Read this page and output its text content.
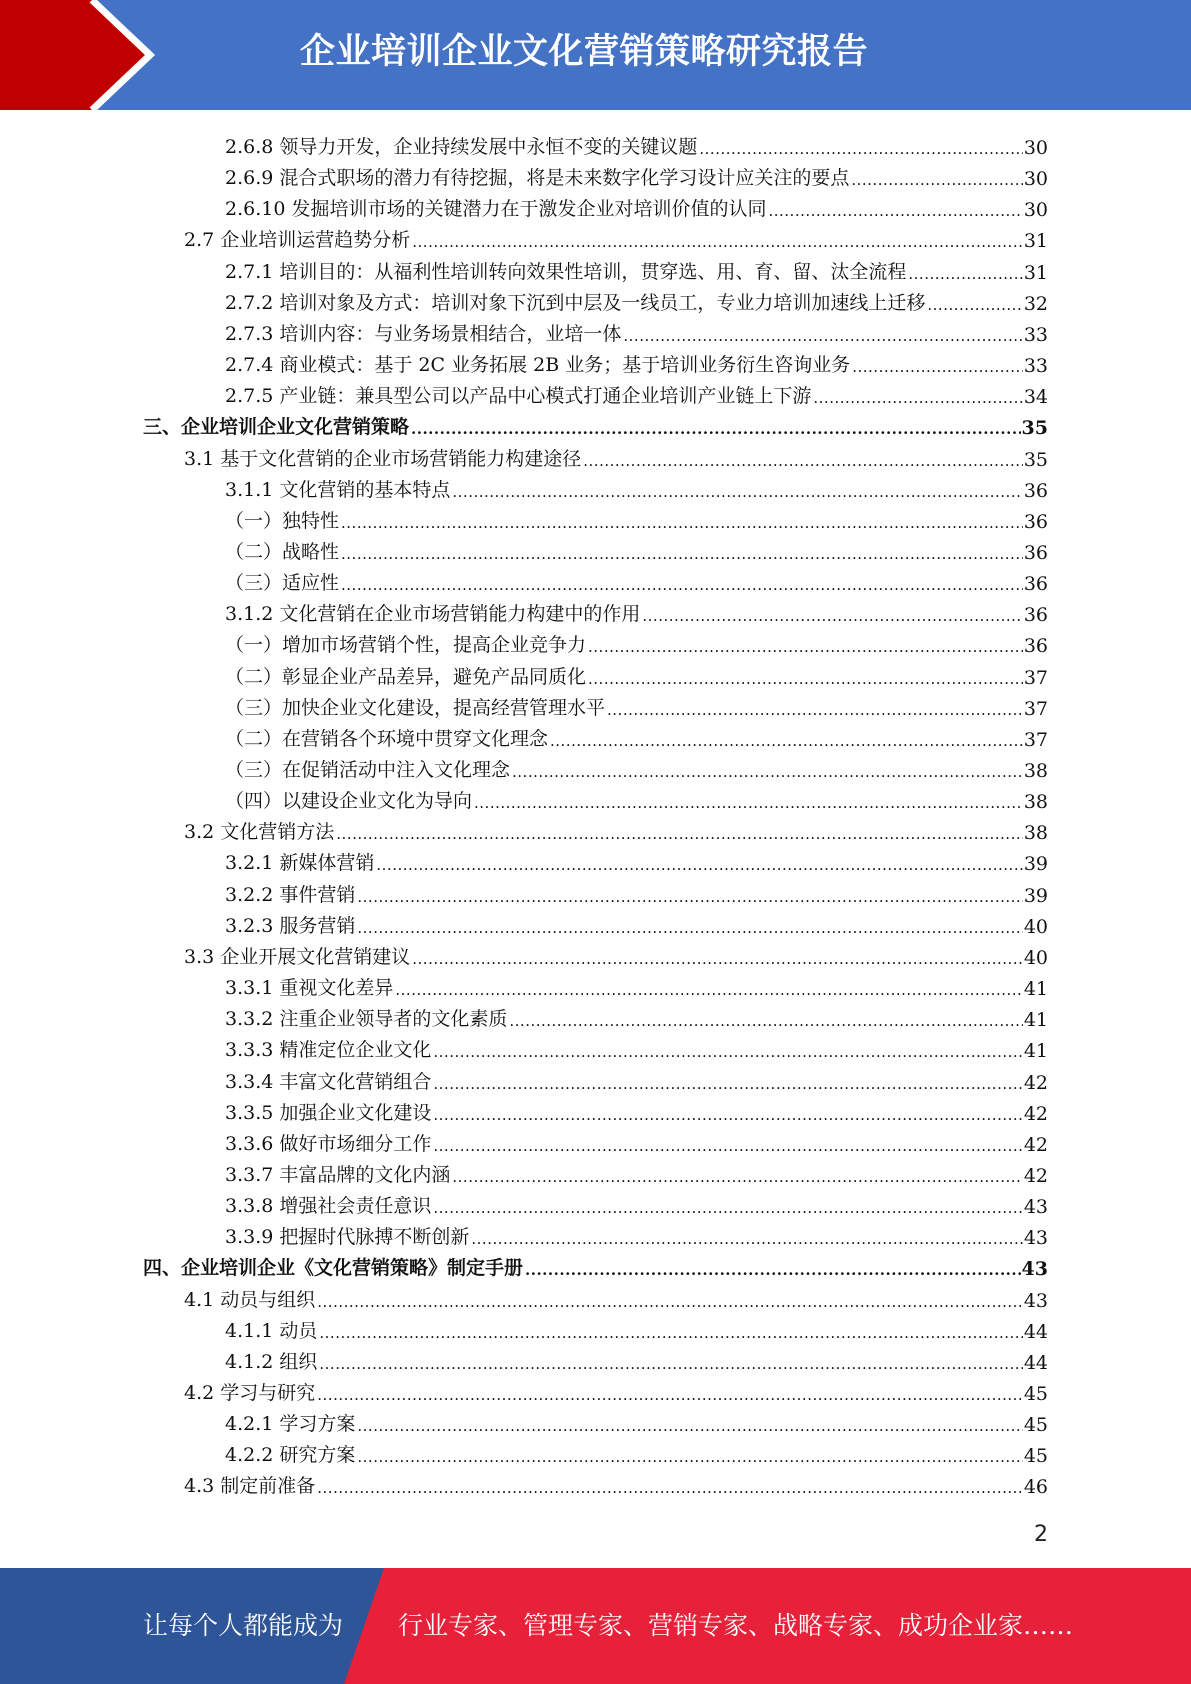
企业培训企业文化营销策略研究报告
2.6.8 领导力开发，企业持续发展中永恒不变的关键议题 .....	30
2.6.9 混合式职场的潜力有待挖掘，将是未来数字化学习设计应关注的要点 .....	30
2.6.10 发掘培训市场的关键潜力在于激发企业对培训价值的认同 .....	30
2.7 企业培训运营趋势分析 .....	31
2.7.1 培训目的：从福利性培训转向效果性培训，贯穿选、用、育、留、汰全流程 .....	31
2.7.2 培训对象及方式：培训对象下沉到中层及一线员工，专业力培训加速线上迁移 .....	32
2.7.3 培训内容：与业务场景相结合，业培一体 .....	33
2.7.4 商业模式：基于 2C 业务拓展 2B 业务；基于培训业务衍生咨询业务 .....	33
2.7.5 产业链：兼具型公司以产品中心模式打通企业培训产业链上下游 .....	34
三、企业培训企业文化营销策略 .....	35
3.1 基于文化营销的企业市场营销能力构建途径 .....	35
3.1.1 文化营销的基本特点 .....	36
（一）独特性 .....	36
（二）战略性 .....	36
（三）适应性 .....	36
3.1.2 文化营销在企业市场营销能力构建中的作用 .....	36
（一）增加市场营销个性，提高企业竞争力 .....	36
（二）彰显企业产品差异，避免产品同质化 .....	37
（三）加快企业文化建设，提高经营管理水平 .....	37
（二）在营销各个环境中贯穿文化理念 .....	37
（三）在促销活动中注入文化理念 .....	38
（四）以建设企业文化为导向 .....	38
3.2 文化营销方法 .....	38
3.2.1 新媒体营销 .....	39
3.2.2 事件营销 .....	39
3.2.3 服务营销 .....	40
3.3 企业开展文化营销建议 .....	40
3.3.1 重视文化差异 .....	41
3.3.2 注重企业领导者的文化素质 .....	41
3.3.3 精准定位企业文化 .....	41
3.3.4 丰富文化营销组合 .....	42
3.3.5 加强企业文化建设 .....	42
3.3.6 做好市场细分工作 .....	42
3.3.7 丰富品牌的文化内涵 .....	42
3.3.8 增强社会责任意识 .....	43
3.3.9 把握时代脉搏不断创新 .....	43
四、企业培训企业《文化营销策略》制定手册 .....	43
4.1 动员与组织 .....	43
4.1.1 动员 .....	44
4.1.2 组织 .....	44
4.2 学习与研究 .....	45
4.2.1 学习方案 .....	45
4.2.2 研究方案 .....	45
4.3 制定前准备 .....	46
2
让每个人都能成为 行业专家、管理专家、营销专家、战略专家、成功企业家……
